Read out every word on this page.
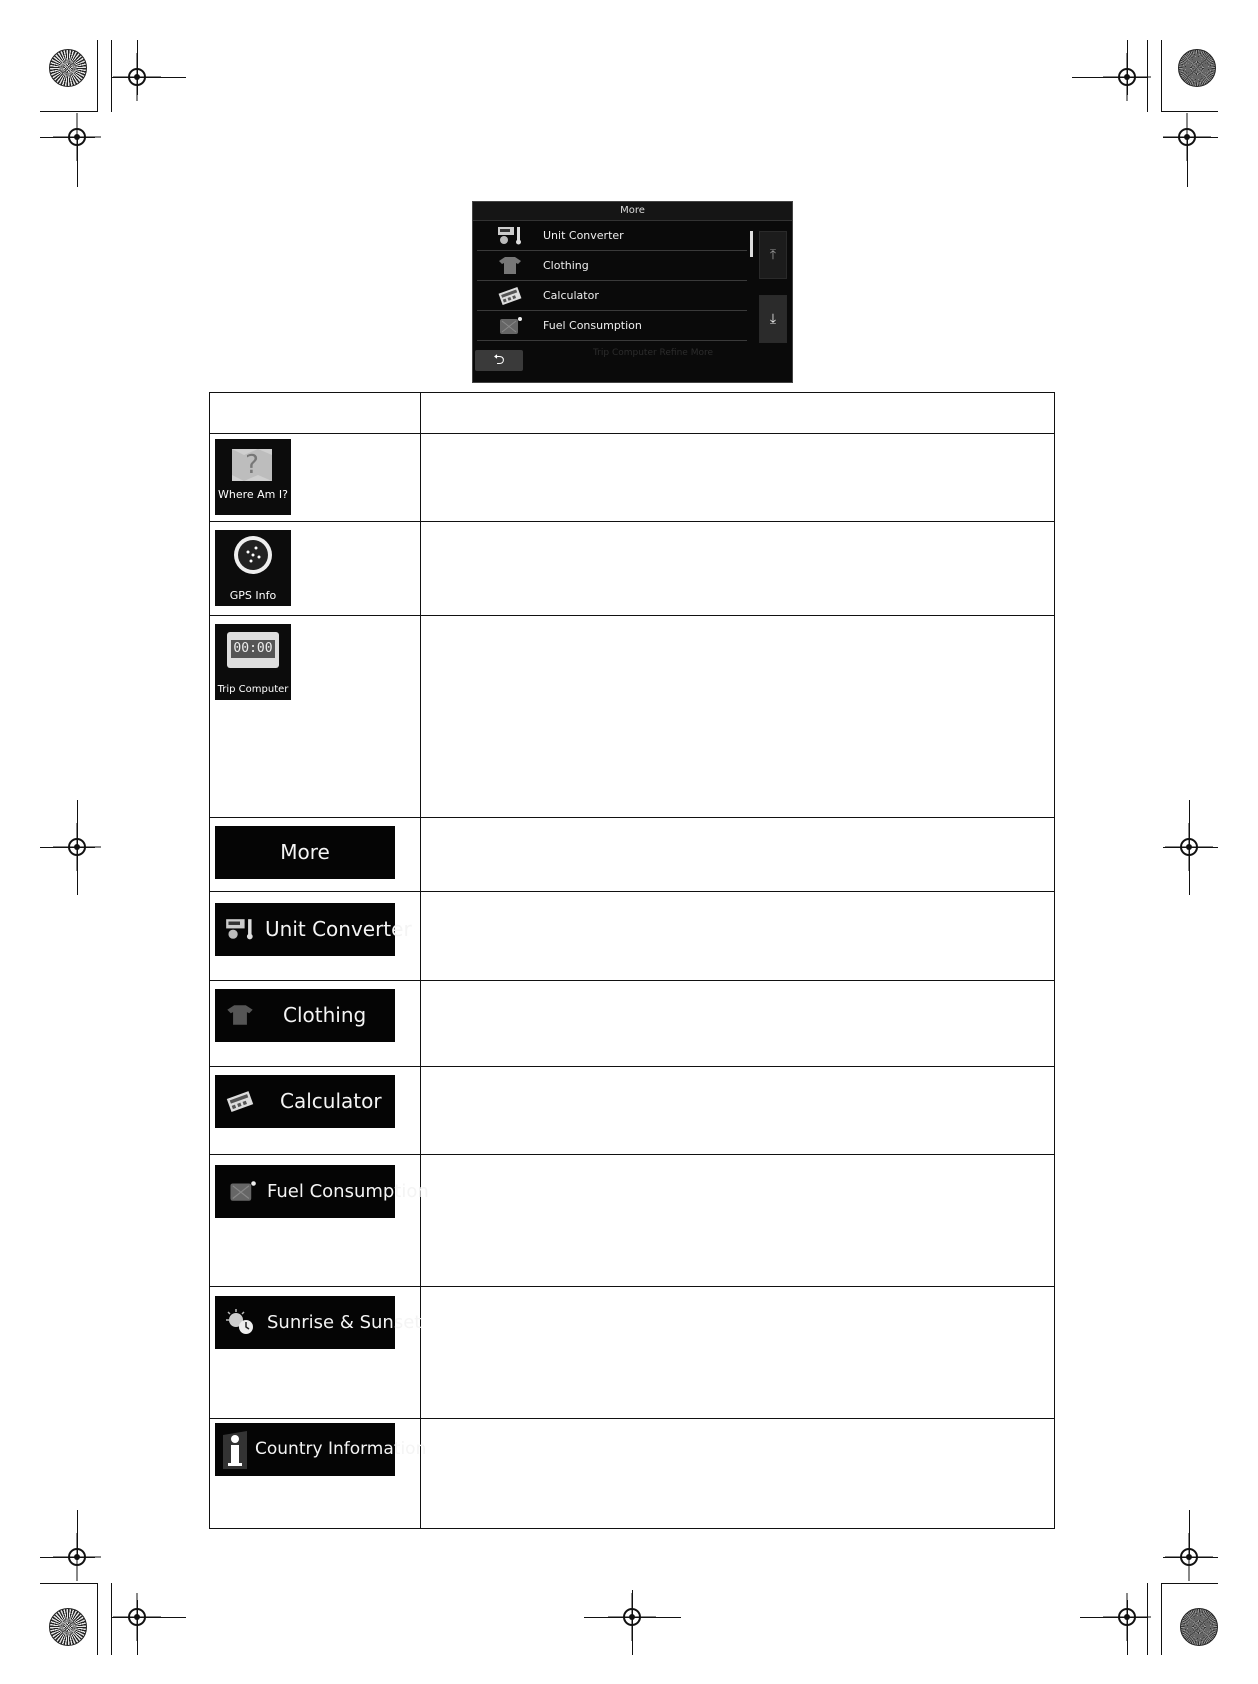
More
Unit Converter
Clothing
Calculator
Fuel Consumption
⤒
⤓
⮌	Trip Computer Refine More
?
Where Am I?
GPS Info
00:00
Trip Computer
More
Unit Converter
Clothing
Calculator
Fuel Consumption
Sunrise & Sunset
Country Information
